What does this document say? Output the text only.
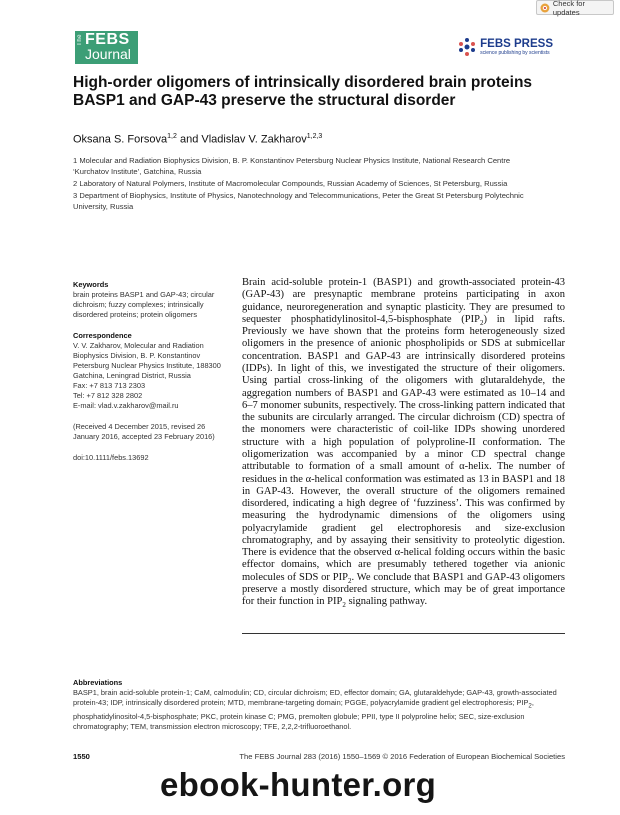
Check for updates
The FEBS
Journal
FEBS PRESS
science publishing by scientists
High-order oligomers of intrinsically disordered brain proteins BASP1 and GAP-43 preserve the structural disorder
Oksana S. Forsova$^{1,2}$ and Vladislav V. Zakharov$^{1,2,3}$
1 Molecular and Radiation Biophysics Division, B. P. Konstantinov Petersburg Nuclear Physics Institute, National Research Centre ‘Kurchatov Institute’, Gatchina, Russia
2 Laboratory of Natural Polymers, Institute of Macromolecular Compounds, Russian Academy of Sciences, St Petersburg, Russia
3 Department of Biophysics, Institute of Physics, Nanotechnology and Telecommunications, Peter the Great St Petersburg Polytechnic University, Russia
Keywords
brain proteins BASP1 and GAP-43; circular dichroism; fuzzy complexes; intrinsically disordered proteins; protein oligomers
Correspondence
V. V. Zakharov, Molecular and Radiation Biophysics Division, B. P. Konstantinov Petersburg Nuclear Physics Institute, 188300 Gatchina, Leningrad District, Russia
Fax: +7 813 713 2303
Tel: +7 812 328 2802
E-mail: vlad.v.zakharov@mail.ru
(Received 4 December 2015, revised 26 January 2016, accepted 23 February 2016)
doi:10.1111/febs.13692
Brain acid-soluble protein-1 (BASP1) and growth-associated protein-43 (GAP-43) are presynaptic membrane proteins participating in axon guidance, neuroregeneration and synaptic plasticity. They are presumed to sequester phosphatidylinositol-4,5-bisphosphate $(PIP_2)$ in lipid rafts. Previously we have shown that the proteins form heterogeneously sized oligomers in the presence of anionic phospholipids or SDS at submicellar concentration. BASP1 and GAP-43 are intrinsically disordered proteins (IDPs). In light of this, we investigated the structure of their oligomers. Using partial cross-linking of the oligomers with glutaraldehyde, the aggregation numbers of BASP1 and GAP-43 were estimated as 10–14 and 6–7 monomer subunits, respectively. The cross-linking pattern indicated that the subunits are circularly arranged. The circular dichroism (CD) spectra of the monomers were characteristic of coil-like IDPs showing unordered structure with a high population of polyproline-II conformation. The oligomerization was accompanied by a minor CD spectral change attributable to formation of a small amount of α-helix. The number of residues in the α-helical conformation was estimated as 13 in BASP1 and 18 in GAP-43. However, the overall structure of the oligomers remained disordered, indicating a high degree of ‘fuzziness’. This was confirmed by measuring the hydrodynamic dimensions of the oligomers using polyacrylamide gradient gel electrophoresis and size-exclusion chromatography, and by assaying their sensitivity to proteolytic digestion. There is evidence that the observed α-helical folding occurs within the basic effector domains, which are presumably tethered together via anionic molecules of SDS or $PIP_2$. We conclude that BASP1 and GAP-43 oligomers preserve a mostly disordered structure, which may be of great importance for their function in $PIP_2$ signaling pathway.
Abbreviations
BASP1, brain acid-soluble protein-1; CaM, calmodulin; CD, circular dichroism; ED, effector domain; GA, glutaraldehyde; GAP-43, growth-associated protein-43; IDP, intrinsically disordered protein; MTD, membrane-targeting domain; PGGE, polyacrylamide gradient gel electrophoresis; $PIP_2$, phosphatidylinositol-4,5-bisphosphate; PKC, protein kinase C; PMG, premolten globule; PPII, type II polyproline helix; SEC, size-exclusion chromatography; TEM, transmission electron microscopy; TFE, 2,2,2-trifluoroethanol.
1550	The FEBS Journal 283 (2016) 1550–1569 © 2016 Federation of European Biochemical Societies
ebook-hunter.org
